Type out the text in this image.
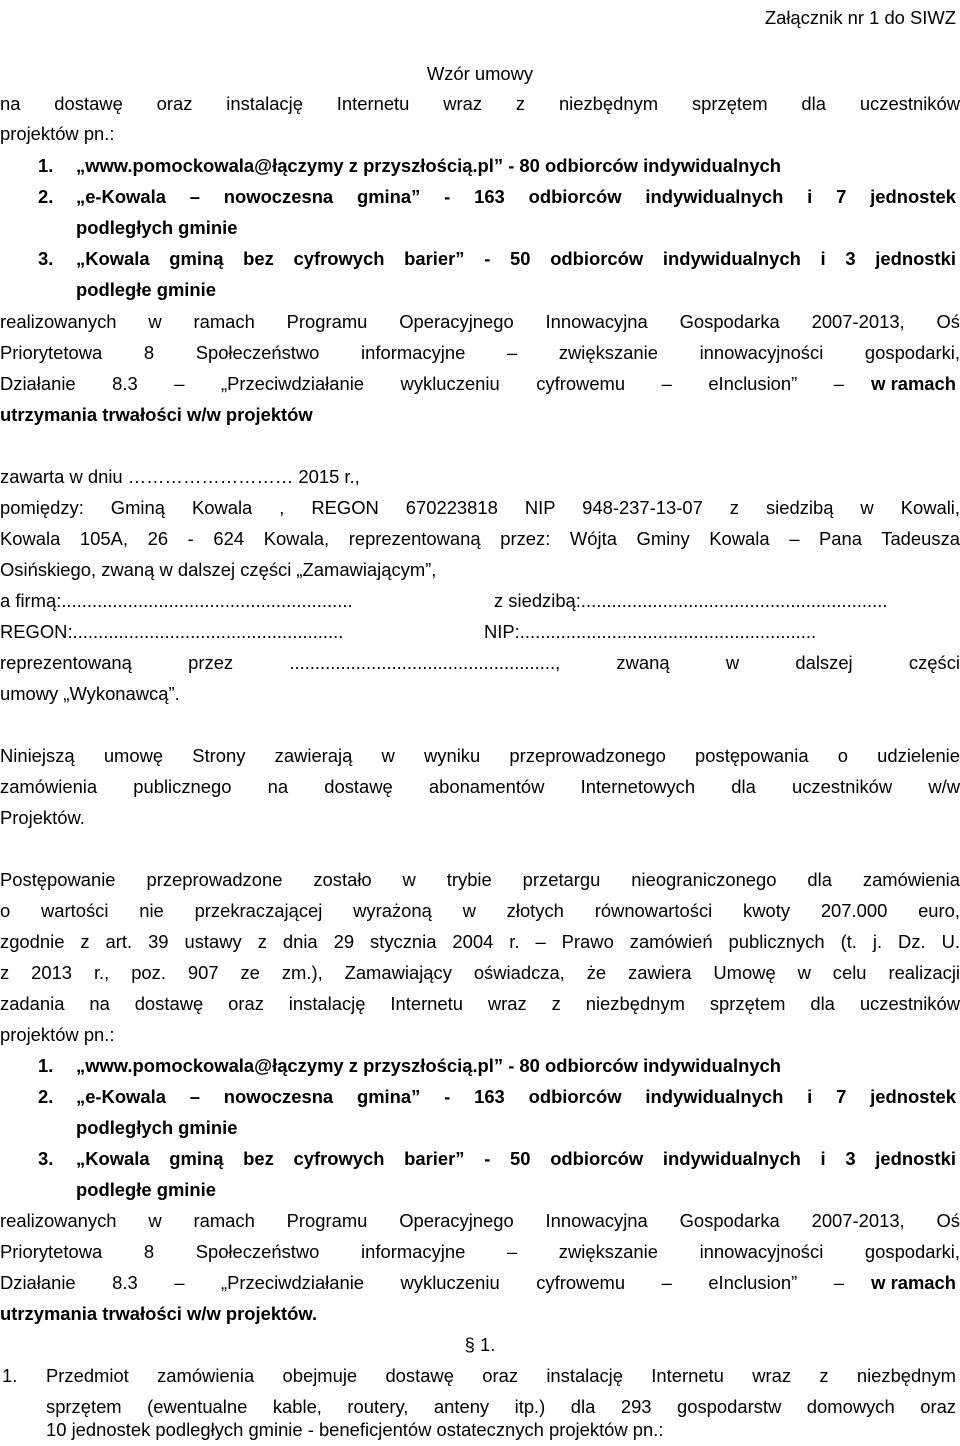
Załącznik nr 1 do SIWZ
Wzór umowy
na dostawę oraz instalację Internetu wraz z niezbędnym sprzętem dla uczestników
projektów pn.:
1. „www.pomockowala@łączymy z przyszłością.pl” - 80 odbiorców indywidualnych
2. „e-Kowala – nowoczesna gmina” - 163 odbiorców indywidualnych i 7 jednostek
podległych gminie
3. „Kowala gminą bez cyfrowych barier” - 50 odbiorców indywidualnych i 3 jednostki
podległe gminie
realizowanych w ramach Programu Operacyjnego Innowacyjna Gospodarka 2007-2013, Oś
Priorytetowa 8 Społeczeństwo informacyjne – zwiększanie innowacyjności gospodarki,
Działanie 8.3 – „Przeciwdziałanie wykluczeniu cyfrowemu – eInclusion” – w ramach
utrzymania trwałości w/w projektów
zawarta w dniu ……………………… 2015 r.,
pomiędzy: Gminą Kowala , REGON 670223818 NIP 948-237-13-07 z siedzibą w Kowali,
Kowala 105A, 26 - 624 Kowala, reprezentowaną przez: Wójta Gminy Kowala – Pana Tadeusza
Osińskiego, zwaną w dalszej części „Zamawiającym”,
a firmą:.........................................................	z siedzibą:............................................................
REGON:.....................................................	NIP:..........................................................
reprezentowaną przez ...................................................., zwaną w dalszej części
umowy „Wykonawcą”.
Niniejszą umowę Strony zawierają w wyniku przeprowadzonego postępowania o udzielenie
zamówienia publicznego na dostawę abonamentów Internetowych dla uczestników w/w
Projektów.
Postępowanie przeprowadzone zostało w trybie przetargu nieograniczonego dla zamówienia
o wartości nie przekraczającej wyrażoną w złotych równowartości kwoty 207.000 euro,
zgodnie z art. 39 ustawy z dnia 29 stycznia 2004 r. – Prawo zamówień publicznych (t. j. Dz. U.
z 2013 r., poz. 907 ze zm.), Zamawiający oświadcza, że zawiera Umowę w celu realizacji
zadania na dostawę oraz instalację Internetu wraz z niezbędnym sprzętem dla uczestników
projektów pn.:
1. „www.pomockowala@łączymy z przyszłością.pl” - 80 odbiorców indywidualnych
2. „e-Kowala – nowoczesna gmina” - 163 odbiorców indywidualnych i 7 jednostek
podległych gminie
3. „Kowala gminą bez cyfrowych barier” - 50 odbiorców indywidualnych i 3 jednostki
podległe gminie
realizowanych w ramach Programu Operacyjnego Innowacyjna Gospodarka 2007-2013, Oś
Priorytetowa 8 Społeczeństwo informacyjne – zwiększanie innowacyjności gospodarki,
Działanie 8.3 – „Przeciwdziałanie wykluczeniu cyfrowemu – eInclusion” – w ramach
utrzymania trwałości w/w projektów.
§ 1.
1. Przedmiot zamówienia obejmuje dostawę oraz instalację Internetu wraz z niezbędnym
sprzętem (ewentualne kable, routery, anteny itp.) dla 293 gospodarstw domowych oraz
10 jednostek podległych gminie - beneficjentów ostatecznych projektów pn.:
